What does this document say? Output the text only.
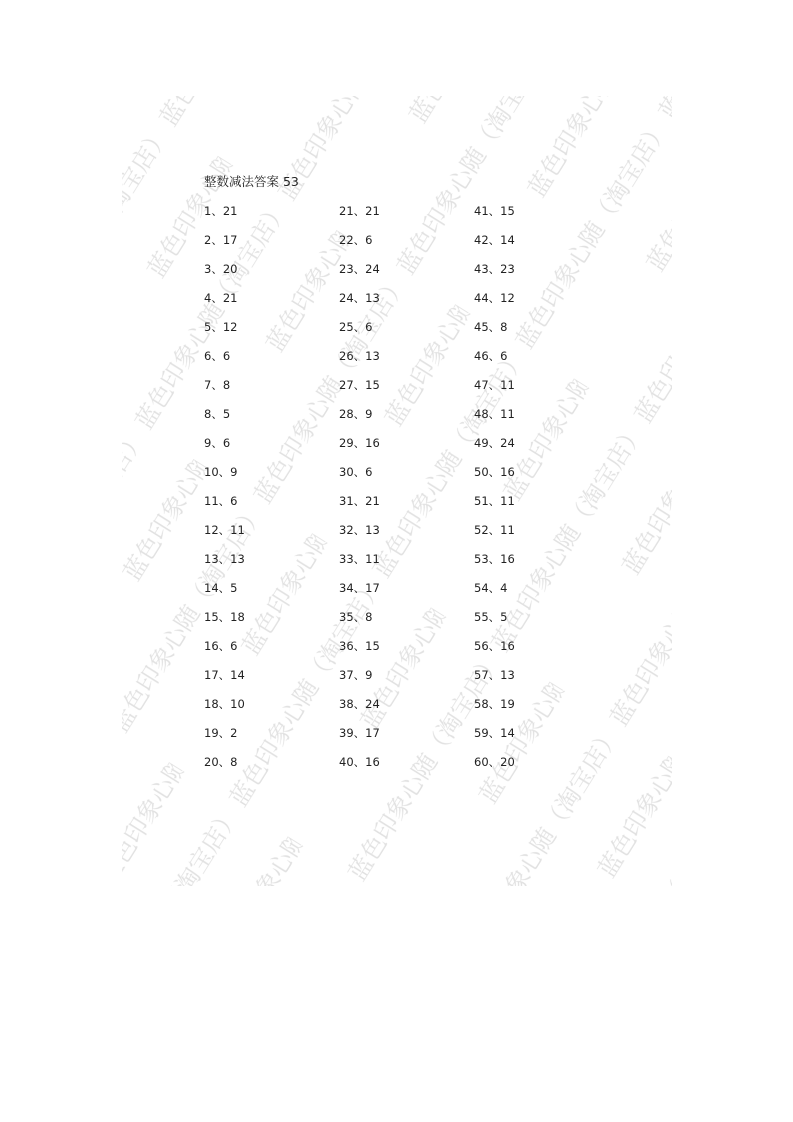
整数减法答案 53
1、21
2、17
3、20
4、21
5、12
6、6
7、8
8、5
9、6
10、9
11、6
12、11
13、13
14、5
15、18
16、6
17、14
18、10
19、2
20、8
21、21
22、6
23、24
24、13
25、6
26、13
27、15
28、9
29、16
30、6
31、21
32、13
33、11
34、17
35、8
36、15
37、9
38、24
39、17
40、16
41、15
42、14
43、23
44、12
45、8
46、6
47、11
48、11
49、24
50、16
51、11
52、11
53、16
54、4
55、5
56、16
57、13
58、19
59、14
60、20
